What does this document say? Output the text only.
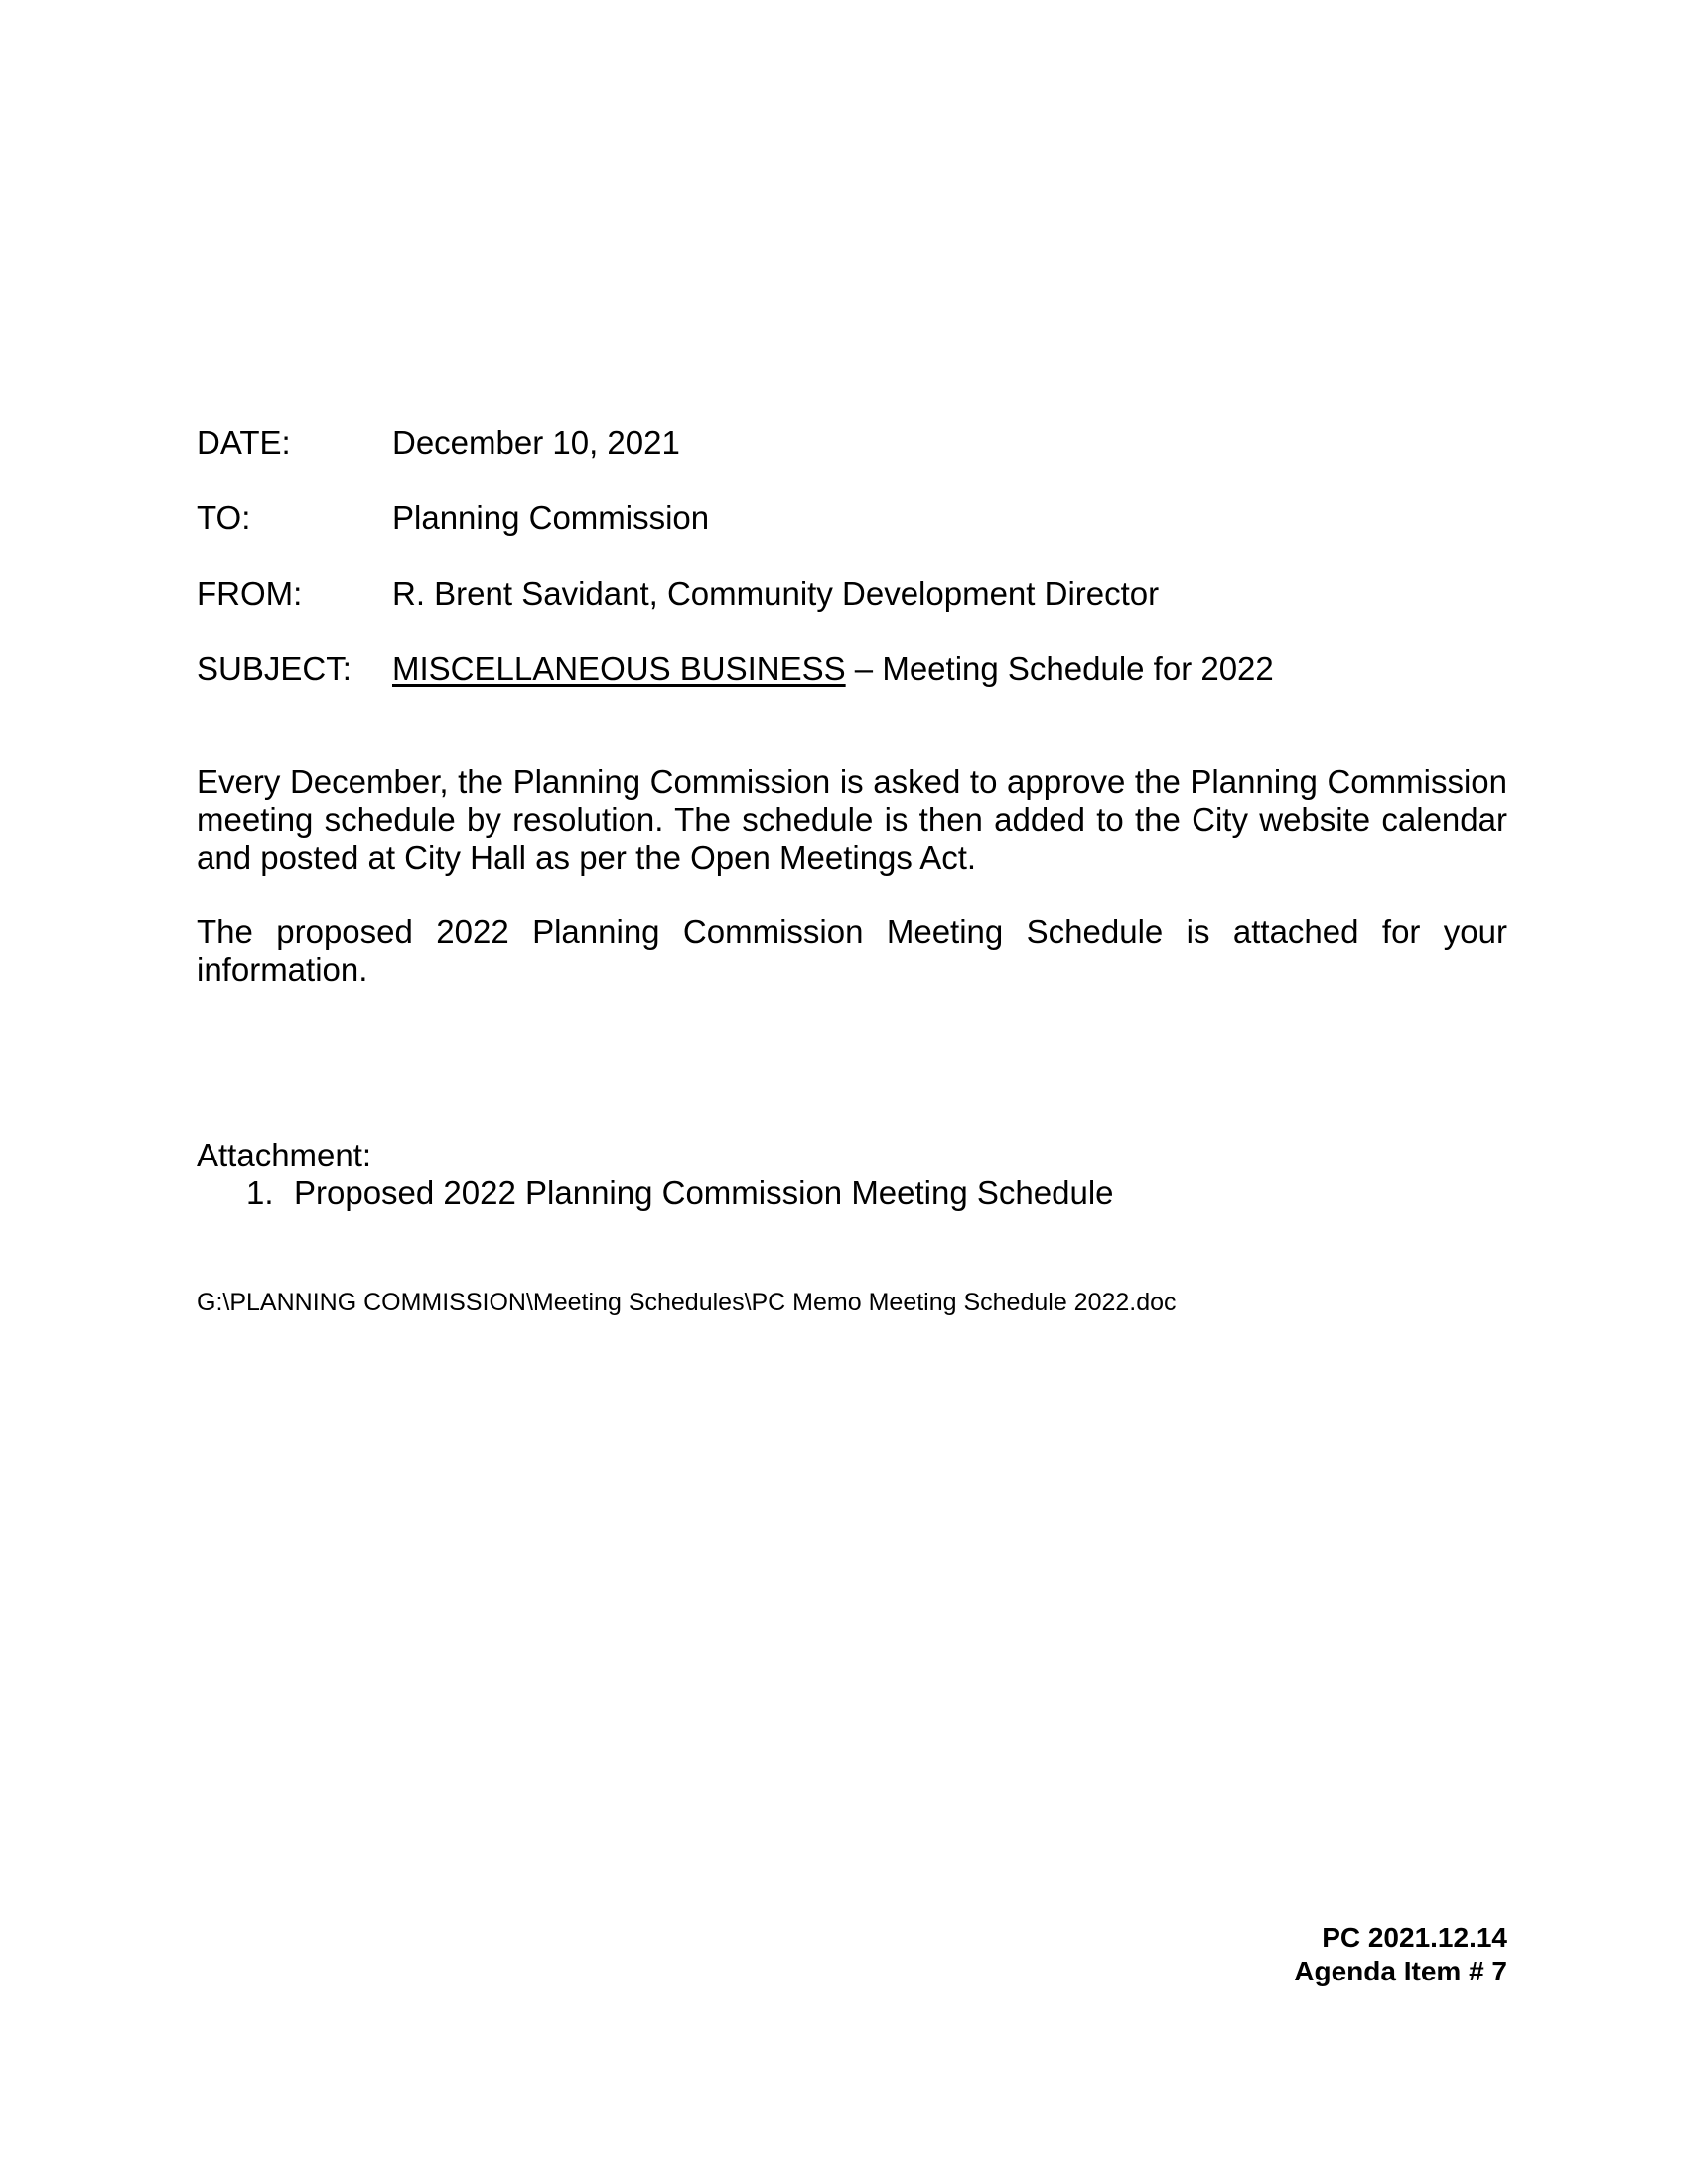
DATE:	December 10, 2021
TO:	Planning Commission
FROM:	R. Brent Savidant, Community Development Director
SUBJECT: MISCELLANEOUS BUSINESS – Meeting Schedule for 2022

Every December, the Planning Commission is asked to approve the Planning Commission meeting schedule by resolution. The schedule is then added to the City website calendar and posted at City Hall as per the Open Meetings Act.

The proposed 2022 Planning Commission Meeting Schedule is attached for your information.

Attachment:
1. Proposed 2022 Planning Commission Meeting Schedule
G:\PLANNING COMMISSION\Meeting Schedules\PC Memo Meeting Schedule 2022.doc
PC 2021.12.14
Agenda Item # 7
